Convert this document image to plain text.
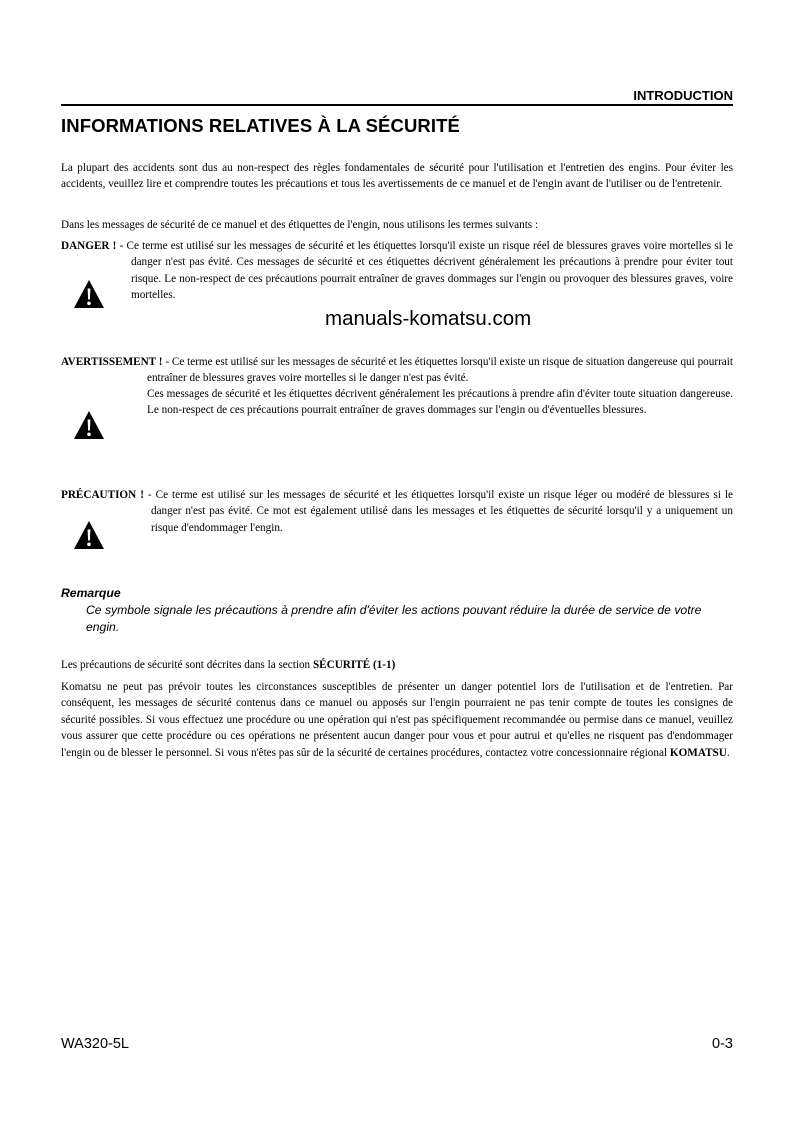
INTRODUCTION
INFORMATIONS RELATIVES À LA SÉCURITÉ
La plupart des accidents sont dus au non-respect des règles fondamentales de sécurité pour l'utilisation et l'entretien des engins. Pour éviter les accidents, veuillez lire et comprendre toutes les précautions et tous les avertissements de ce manuel et de l'engin avant de l'utiliser ou de l'entretenir.
Dans les messages de sécurité de ce manuel et des étiquettes de l'engin, nous utilisons les termes suivants :
DANGER ! - Ce terme est utilisé sur les messages de sécurité et les étiquettes lorsqu'il existe un risque réel de blessures graves voire mortelles si le danger n'est pas évité. Ces messages de sécurité et ces étiquettes décrivent généralement les précautions à prendre pour éviter tout risque. Le non-respect de ces précautions pourrait entraîner de graves dommages sur l'engin ou provoquer des blessures graves, voire mortelles.
manuals-komatsu.com
AVERTISSEMENT ! - Ce terme est utilisé sur les messages de sécurité et les étiquettes lorsqu'il existe un risque de situation dangereuse qui pourrait entraîner de blessures graves voire mortelles si le danger n'est pas évité.
Ces messages de sécurité et les étiquettes décrivent généralement les précautions à prendre afin d'éviter toute situation dangereuse. Le non-respect de ces précautions pourrait entraîner de graves dommages sur l'engin ou d'éventuelles blessures.
PRÉCAUTION ! - Ce terme est utilisé sur les messages de sécurité et les étiquettes lorsqu'il existe un risque léger ou modéré de blessures si le danger n'est pas évité. Ce mot est également utilisé dans les messages et les étiquettes de sécurité lorsqu'il y a uniquement un risque d'endommager l'engin.
Remarque
Ce symbole signale les précautions à prendre afin d'éviter les actions pouvant réduire la durée de service de votre engin.
Les précautions de sécurité sont décrites dans la section SÉCURITÉ (1-1)
Komatsu ne peut pas prévoir toutes les circonstances susceptibles de présenter un danger potentiel lors de l'utilisation et de l'entretien. Par conséquent, les messages de sécurité contenus dans ce manuel ou apposés sur l'engin pourraient ne pas tenir compte de toutes les consignes de sécurité possibles. Si vous effectuez une procédure ou une opération qui n'est pas spécifiquement recommandée ou permise dans ce manuel, veuillez vous assurer que cette procédure ou ces opérations ne présentent aucun danger pour vous et pour autrui et qu'elles ne risquent pas d'endommager l'engin ou de blesser le personnel. Si vous n'êtes pas sûr de la sécurité de certaines procédures, contactez votre concessionnaire régional KOMATSU.
WA320-5L	0-3
